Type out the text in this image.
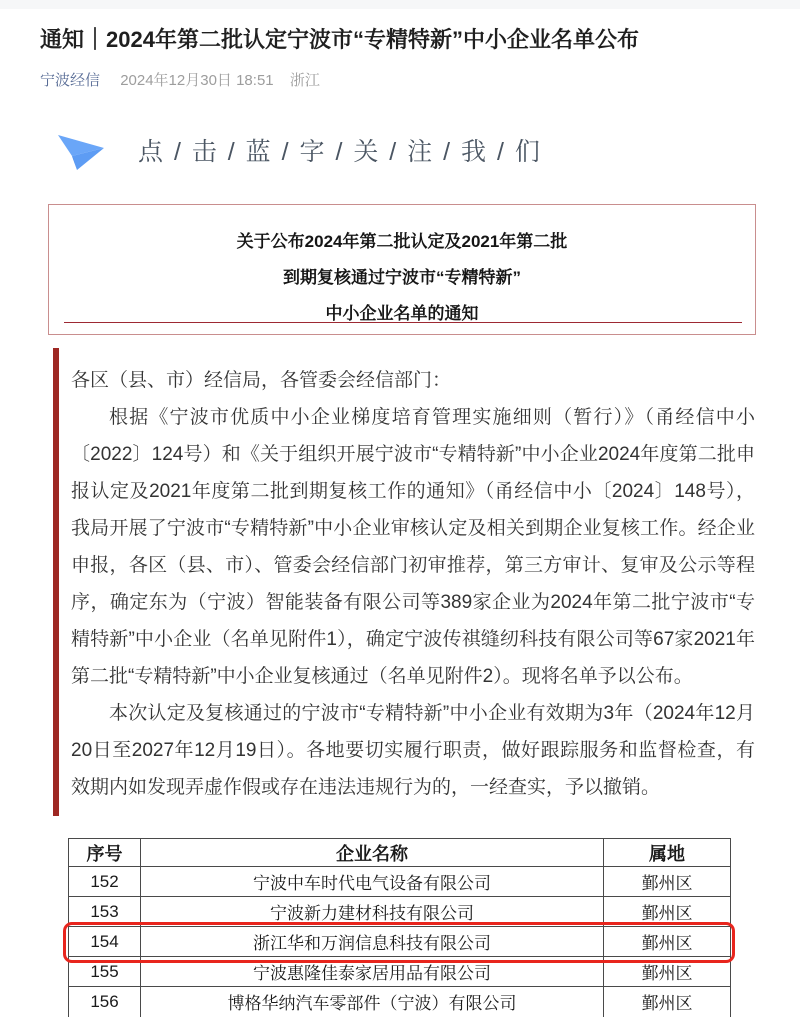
通知｜2024年第二批认定宁波市“专精特新”中小企业名单公布
宁波经信 2024年12月30日 18:51 浙江
点 / 击 / 蓝 / 字 / 关 / 注 / 我 / 们
关于公布2024年第二批认定及2021年第二批
到期复核通过宁波市“专精特新”
中小企业名单的通知

各区（县、市）经信局，各管委会经信部门：

根据《宁波市优质中小企业梯度培育管理实施细则（暂行）》（甬经信中小〔2022〕124号）和《关于组织开展宁波市“专精特新”中小企业2024年度第二批申报认定及2021年度第二批到期复核工作的通知》（甬经信中小〔2024〕148号），我局开展了宁波市“专精特新”中小企业审核认定及相关到期企业复核工作。经企业申报，各区（县、市）、管委会经信部门初审推荐，第三方审计、复审及公示等程序，确定东为（宁波）智能装备有限公司等389家企业为2024年第二批宁波市“专精特新”中小企业（名单见附件1），确定宁波传祺缝纫科技有限公司等67家2021年第二批“专精特新”中小企业复核通过（名单见附件2）。现将名单予以公布。

本次认定及复核通过的宁波市“专精特新”中小企业有效期为3年（2024年12月20日至2027年12月19日）。各地要切实履行职责，做好跟踪服务和监督检查，有效期内如发现弄虚作假或存在违法违规行为的，一经查实，予以撤销。

序号	企业名称	属地
152	宁波中车时代电气设备有限公司	鄞州区
153	宁波新力建材科技有限公司	鄞州区
154	浙江华和万润信息科技有限公司	鄞州区
155	宁波惠隆佳泰家居用品有限公司	鄞州区
156	博格华纳汽车零部件（宁波）有限公司	鄞州区
